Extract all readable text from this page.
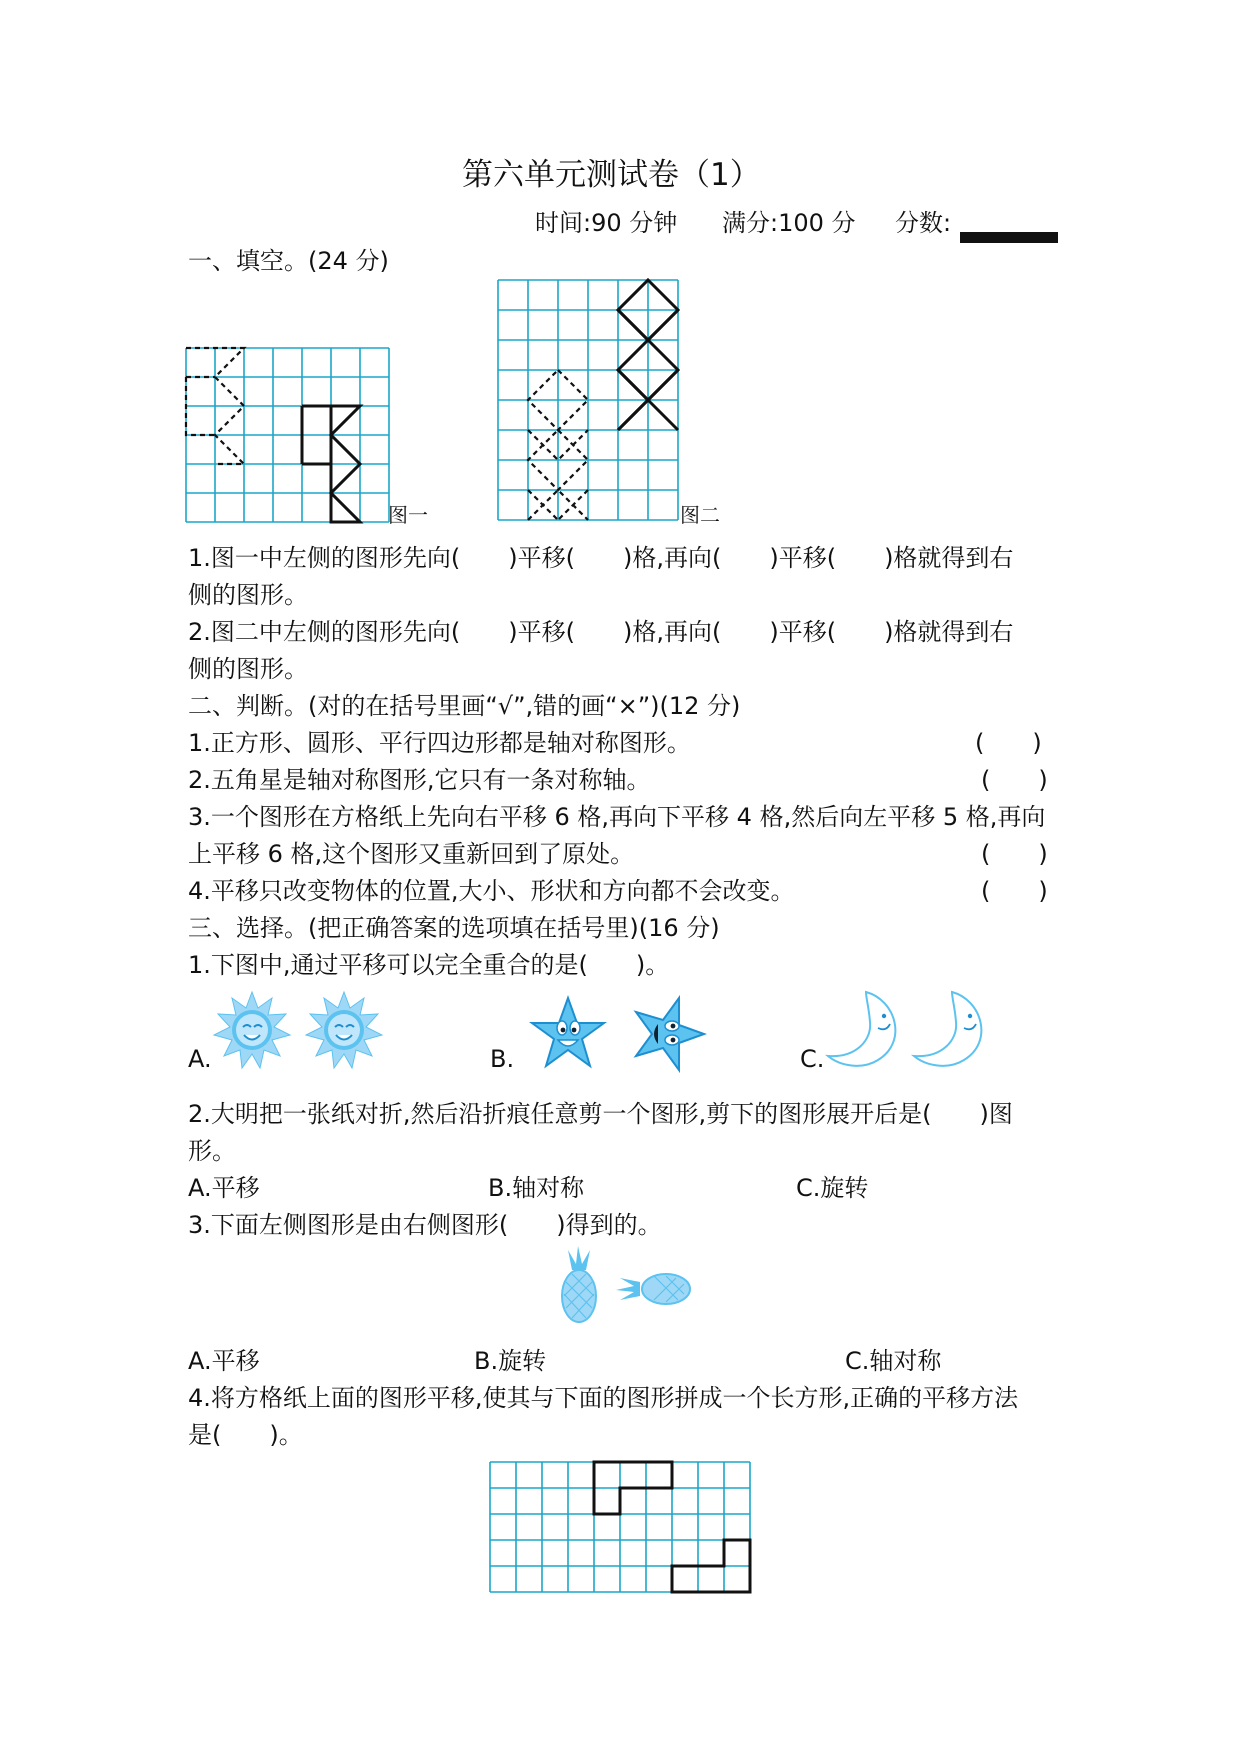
第六单元测试卷（1）
时间:90 分钟 满分:100 分 分数:
一、填空。(24 分)
图一	图二
1.图一中左侧的图形先向(　　)平移(　　)格,再向(　　)平移(　　)格就得到右
侧的图形。
2.图二中左侧的图形先向(　　)平移(　　)格,再向(　　)平移(　　)格就得到右
侧的图形。
二、判断。(对的在括号里画“√”,错的画“×”)(12 分)
1.正方形、圆形、平行四边形都是轴对称图形。	(　　)
2.五角星是轴对称图形,它只有一条对称轴。	(　　)
3.一个图形在方格纸上先向右平移 6 格,再向下平移 4 格,然后向左平移 5 格,再向
上平移 6 格,这个图形又重新回到了原处。	(　　)
4.平移只改变物体的位置,大小、形状和方向都不会改变。	(　　)
三、选择。(把正确答案的选项填在括号里)(16 分)
1.下图中,通过平移可以完全重合的是(　　)。
A.	B.	C.
2.大明把一张纸对折,然后沿折痕任意剪一个图形,剪下的图形展开后是(　　)图
形。
A.平移	B.轴对称	C.旋转
3.下面左侧图形是由右侧图形(　　)得到的。
A.平移	B.旋转	C.轴对称
4.将方格纸上面的图形平移,使其与下面的图形拼成一个长方形,正确的平移方法
是(　　)。
